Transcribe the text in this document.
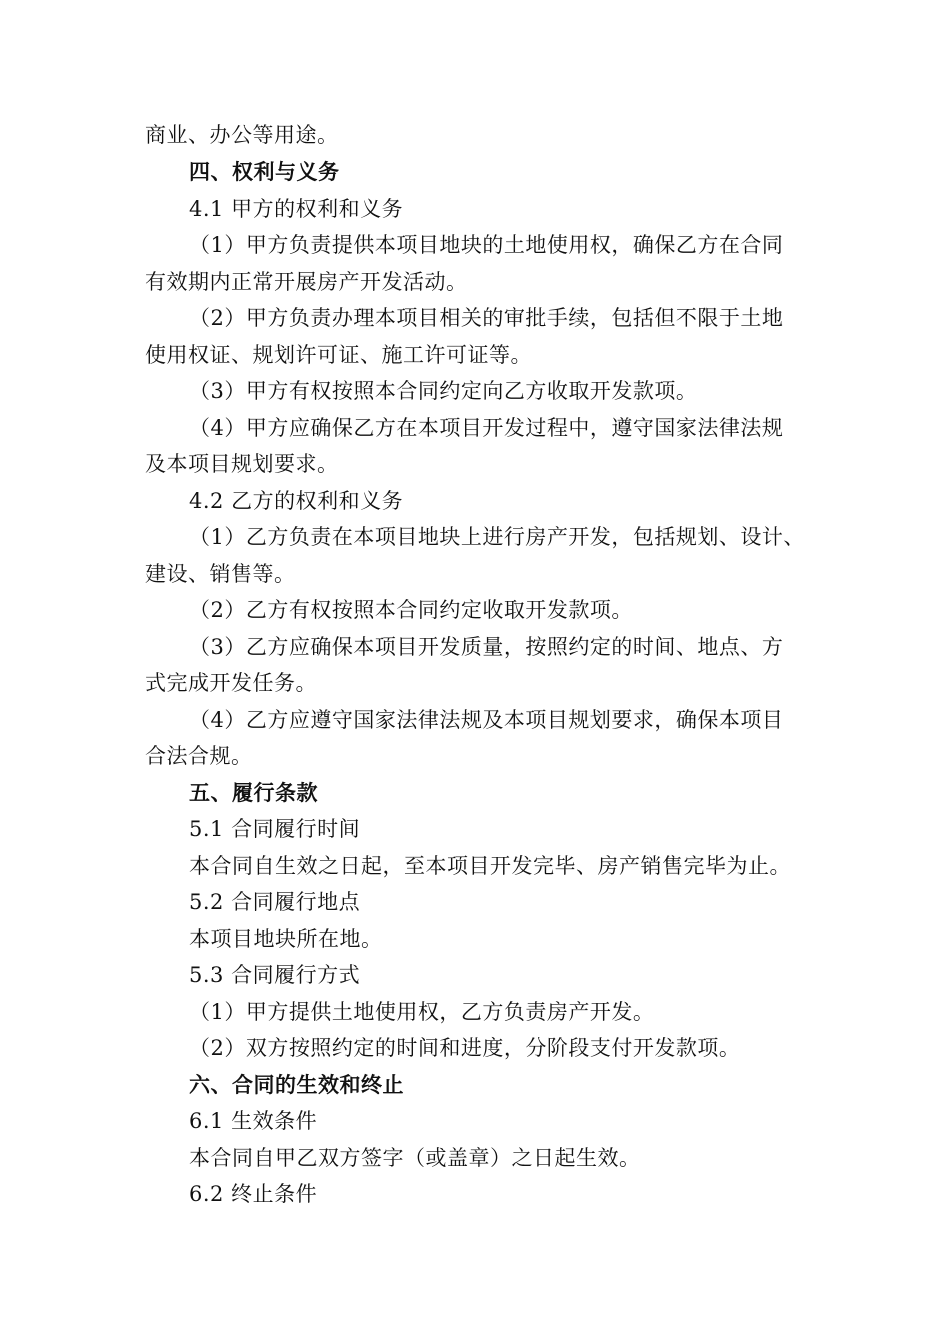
商业、办公等用途。
四、权利与义务
4.1 甲方的权利和义务
（1）甲方负责提供本项目地块的土地使用权，确保乙方在合同
有效期内正常开展房产开发活动。
（2）甲方负责办理本项目相关的审批手续，包括但不限于土地
使用权证、规划许可证、施工许可证等。
（3）甲方有权按照本合同约定向乙方收取开发款项。
（4）甲方应确保乙方在本项目开发过程中，遵守国家法律法规
及本项目规划要求。
4.2 乙方的权利和义务
（1）乙方负责在本项目地块上进行房产开发，包括规划、设计、
建设、销售等。
（2）乙方有权按照本合同约定收取开发款项。
（3）乙方应确保本项目开发质量，按照约定的时间、地点、方
式完成开发任务。
（4）乙方应遵守国家法律法规及本项目规划要求，确保本项目
合法合规。
五、履行条款
5.1 合同履行时间
本合同自生效之日起，至本项目开发完毕、房产销售完毕为止。
5.2 合同履行地点
本项目地块所在地。
5.3 合同履行方式
（1）甲方提供土地使用权，乙方负责房产开发。
（2）双方按照约定的时间和进度，分阶段支付开发款项。
六、合同的生效和终止
6.1 生效条件
本合同自甲乙双方签字（或盖章）之日起生效。
6.2 终止条件
